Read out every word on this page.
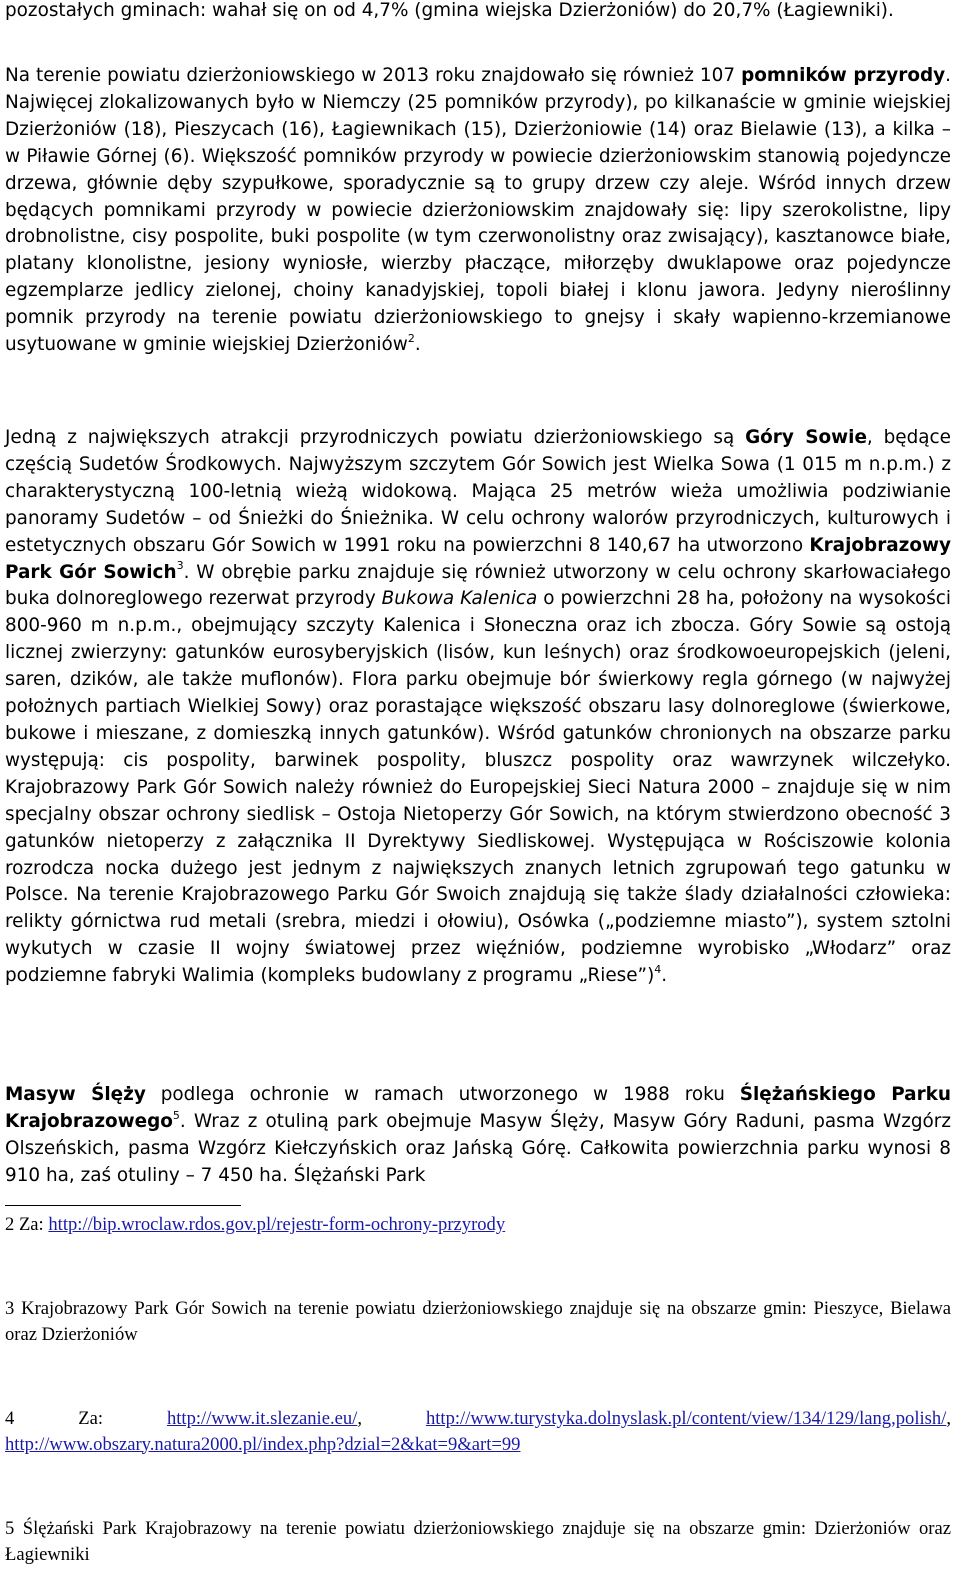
pozostałych gminach: wahał się on od 4,7% (gmina wiejska Dzierżoniów) do 20,7% (Łagiewniki).

Na terenie powiatu dzierżoniowskiego w 2013 roku znajdowało się również 107 pomników przyrody. Najwięcej zlokalizowanych było w Niemczy (25 pomników przyrody), po kilkanaście w gminie wiejskiej Dzierżoniów (18), Pieszycach (16), Łagiewnikach (15), Dzierżoniowie (14) oraz Bielawie (13), a kilka – w Piławie Górnej (6). Większość pomników przyrody w powiecie dzierżoniowskim stanowią pojedyncze drzewa, głównie dęby szypułkowe, sporadycznie są to grupy drzew czy aleje. Wśród innych drzew będących pomnikami przyrody w powiecie dzierżoniowskim znajdowały się: lipy szerokolistne, lipy drobnolistne, cisy pospolite, buki pospolite (w tym czerwonolistny oraz zwisający), kasztanowce białe, platany klonolistne, jesiony wyniosłe, wierzby płaczące, miłorzęby dwuklapowe oraz pojedyncze egzemplarze jedlicy zielonej, choiny kanadyjskiej, topoli białej i klonu jawora. Jedyny nieroślinny pomnik przyrody na terenie powiatu dzierżoniowskiego to gnejsy i skały wapienno-krzemianowe usytuowane w gminie wiejskiej Dzierżoniów$^2$.

Jedną z największych atrakcji przyrodniczych powiatu dzierżoniowskiego są Góry Sowie, będące częścią Sudetów Środkowych. Najwyższym szczytem Gór Sowich jest Wielka Sowa (1 015 m n.p.m.) z charakterystyczną 100-letnią wieżą widokową. Mająca 25 metrów wieża umożliwia podziwianie panoramy Sudetów – od Śnieżki do Śnieżnika. W celu ochrony walorów przyrodniczych, kulturowych i estetycznych obszaru Gór Sowich w 1991 roku na powierzchni 8 140,67 ha utworzono Krajobrazowy Park Gór Sowich$^3$. W obrębie parku znajduje się również utworzony w celu ochrony skarłowaciałego buka dolnoreglowego rezerwat przyrody Bukowa Kalenica o powierzchni 28 ha, położony na wysokości 800-960 m n.p.m., obejmujący szczyty Kalenica i Słoneczna oraz ich zbocza. Góry Sowie są ostoją licznej zwierzyny: gatunków eurosyberyjskich (lisów, kun leśnych) oraz środkowoeuropejskich (jeleni, saren, dzików, ale także muflonów). Flora parku obejmuje bór świerkowy regla górnego (w najwyżej położnych partiach Wielkiej Sowy) oraz porastające większość obszaru lasy dolnoreglowe (świerkowe, bukowe i mieszane, z domieszką innych gatunków). Wśród gatunków chronionych na obszarze parku występują: cis pospolity, barwinek pospolity, bluszcz pospolity oraz wawrzynek wilczełyko. Krajobrazowy Park Gór Sowich należy również do Europejskiej Sieci Natura 2000 – znajduje się w nim specjalny obszar ochrony siedlisk – Ostoja Nietoperzy Gór Sowich, na którym stwierdzono obecność 3 gatunków nietoperzy z załącznika II Dyrektywy Siedliskowej. Występująca w Rościszowie kolonia rozrodcza nocka dużego jest jednym z największych znanych letnich zgrupowań tego gatunku w Polsce. Na terenie Krajobrazowego Parku Gór Swoich znajdują się także ślady działalności człowieka: relikty górnictwa rud metali (srebra, miedzi i ołowiu), Osówka („podziemne miasto”), system sztolni wykutych w czasie II wojny światowej przez więźniów, podziemne wyrobisko „Włodarz” oraz podziemne fabryki Walimia (kompleks budowlany z programu „Riese”)$^4$.

Masyw Ślęży podlega ochronie w ramach utworzonego w 1988 roku Ślężańskiego Parku Krajobrazowego$^5$. Wraz z otuliną park obejmuje Masyw Ślęży, Masyw Góry Raduni, pasma Wzgórz Olszeńskich, pasma Wzgórz Kiełczyńskich oraz Jańską Górę. Całkowita powierzchnia parku wynosi 8 910 ha, zaś otuliny – 7 450 ha. Ślężański Park

2 Za: http://bip.wroclaw.rdos.gov.pl/rejestr-form-ochrony-przyrody

3 Krajobrazowy Park Gór Sowich na terenie powiatu dzierżoniowskiego znajduje się na obszarze gmin: Pieszyce, Bielawa oraz Dzierżoniów

4 Za: http://www.it.slezanie.eu/, http://www.turystyka.dolnyslask.pl/content/view/134/129/lang,polish/, http://www.obszary.natura2000.pl/index.php?dzial=2&kat=9&art=99

5 Ślężański Park Krajobrazowy na terenie powiatu dzierżoniowskiego znajduje się na obszarze gmin: Dzierżoniów oraz Łagiewniki
